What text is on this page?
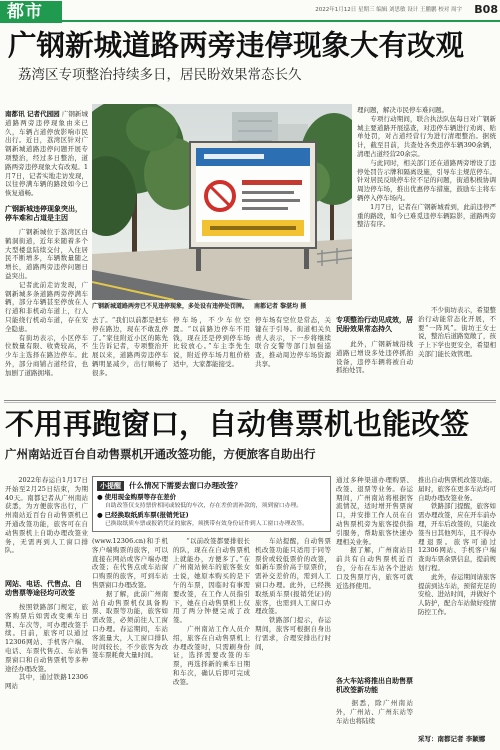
都市	2022年1月12日 星期三 编辑 刘思敏 设计 王鹏鹏 校对 周宇	B08
广钢新城道路两旁违停现象大有改观
荔湾区专项整治持续多日，居民盼效果常态长久
南都讯 记者代园园 广钢新城道路两旁违停现象由来已久，车辆占道停放影响市民出行。近日，荔湾区针对广钢新城道路违停问题开展专项整治，经过多日整治，道路两旁违停现象大有改观。1月7日，记者实地走访发现，以往停满车辆的路段如今已恢复通畅。
广钢新城违停现象突出，停车难和占道是主因
　　广钢新城位于荔湾区白鹤洞街道，近年来随着多个大型楼盘陆续交付，入住居民不断增多，车辆数量随之增长，道路两旁违停问题日益突出。
　　记者此前走访发现，广钢新城多条道路两旁停满车辆，部分车辆甚至停放在人行道和非机动车道上，行人只能绕行机动车道，存在安全隐患。
　　有街坊表示，小区停车位数量有限、收费较高，不少车主选择在路边停车。此外，部分商铺占道经营，也加剧了道路拥堵。
广钢新城道路两旁已不见违停现象，多处设有违停处罚牌。  南都记者 黎湛均 摄
理问题，解决市民停车难问题。
　　专项行动期间，联合执法队伍每日对广钢新城主要道路开展巡查，对违停车辆进行劝离、贴单处罚，对占道经营行为进行清理整治。据统计，截至目前，共查处各类违停车辆390余辆，清理占道经营20余宗。
　　与此同时，相关部门还在道路两旁增设了违停处罚告示牌和隔离设施，引导车主规范停车。针对居民反映停车位不足的问题，街道积极协调周边停车场，推出优惠停车措施，鼓励车主将车辆停入停车场内。
　　1月7日，记者在广钢新城看到，此前违停严重的路段，如今已难觅违停车辆踪影，道路两旁整洁有序。
去了。“我们以前都是把车停在路边，现在不敢乱停了。”家住附近小区的陈先生告诉记者，专项整治开展以来，道路两旁违停车辆明显减少，出行顺畅了很多。
停车场，不少车位空置。“以前路边停车不用钱，现在还是停到停车场比较放心。”车主李先生说，附近停车场月租价格适中，大家都能接受。
停车场有空位是常态，关键在于引导。街道相关负责人表示，下一步将继续联合交警等部门加强巡查，推动周边停车场资源共享。
专项整治行动见成效，居民盼效果常态持久
　　此外，广钢新城沿线道路已增设多处违停抓拍设备，违停车辆将被自动抓拍处罚。
　　不少街坊表示，希望整治行动能常态化开展，不要“一阵风”。街坊王女士说，整治后道路宽敞了，孩子上下学也更安全，希望相关部门能长效管理。
不用再跑窗口，自动售票机也能改签
广州南站近百台自动售票机开通改签功能，方便旅客自助出行
　　2022年春运自1月17日开始至2月25日结束，为期40天。南都记者从广州南站获悉，为方便旅客出行，广州南站近百台自动售票机已开通改签功能，旅客可在自动售票机上自助办理改签业务，无需再到人工窗口排队。
网站、电话、代售点、自动售票等途径均可改签
　　按照铁路部门规定，旅客购票后如需改变乘车日期、车次等，可办理改签手续。目前，旅客可以通过12306网站、手机客户端、电话、车票代售点、车站售票窗口和自动售票机等多种途径办理改签。
　　其中，通过铁路12306网站
小提醒 什么情况下需要去窗口办理改签？
● 使用现金购票等存在差价
自助改签仅支持票价相同或较低的车次，存在差价需补款的，须到窗口办理。
● 已经换取纸质车票(报销凭证)
已换取纸质车票或报销凭证的旅客，须携带有效身份证件到人工窗口办理改签。
(www.12306.cn)和手机客户端购票的旅客，可以直接在网站或客户端办理改签；在代售点或车站窗口购票的旅客，可到车站售票窗口办理改签。
　　据了解，此前广州南站自动售票机仅具备购票、取票等功能，旅客如需改签，必须前往人工窗口办理。春运期间，车站客流量大，人工窗口排队时间较长，不少旅客为改签车票耗费大量时间。
　　“以前改签都要排很长的队，现在在自动售票机上就能办，方便多了。”在广州南站候车的旅客张女士说，她原本购买的是下午的车票，因临时有事需要改签，在工作人员指引下，她在自动售票机上仅用了两分钟便完成了改签。
　　广州南站工作人员介绍，旅客在自动售票机上办理改签时，只需刷身份证，选择需要改签的车票，再选择新的乘车日期和车次，确认后即可完成改签。
　　车站提醒，自动售票机改签功能只适用于同等票价或较低票价的改签，如新车票价高于原票价，需补交差价的，需到人工窗口办理。此外，已经换取纸质车票(报销凭证)的旅客，也需到人工窗口办理改签。
　　铁路部门提示，春运期间，旅客可根据自身出行需求，合理安排出行时间，
通过多种渠道办理购票、改签、退票等业务。春运期间，广州南站将根据客流情况，适时增开售票窗口，并安排工作人员在自动售票机旁为旅客提供指引服务，帮助旅客快速办理相关业务。
　　据了解，广州南站目前共有自动售票机近百台，分布在车站各个进站口及售票厅内，旅客可就近选择使用。
各大车站将推出自助售票机改签新功能
　　据悉，除广州南站外，广州站、广州东站等车站也将陆续
推出自动售票机改签功能。届时，旅客在更多车站均可自助办理改签业务。
　　铁路部门提醒，旅客如需办理改签，应在开车前办理，开车后改签的，只能改签当日其他列车，且不得办理退票。旅客可通过12306网站、手机客户端查询车票余票信息，提前规划行程。
　　此外，春运期间请旅客提前到达车站，预留充足的安检、进站时间，并做好个人防护，配合车站做好疫情防控工作。
采写：南都记者 李颖娜
